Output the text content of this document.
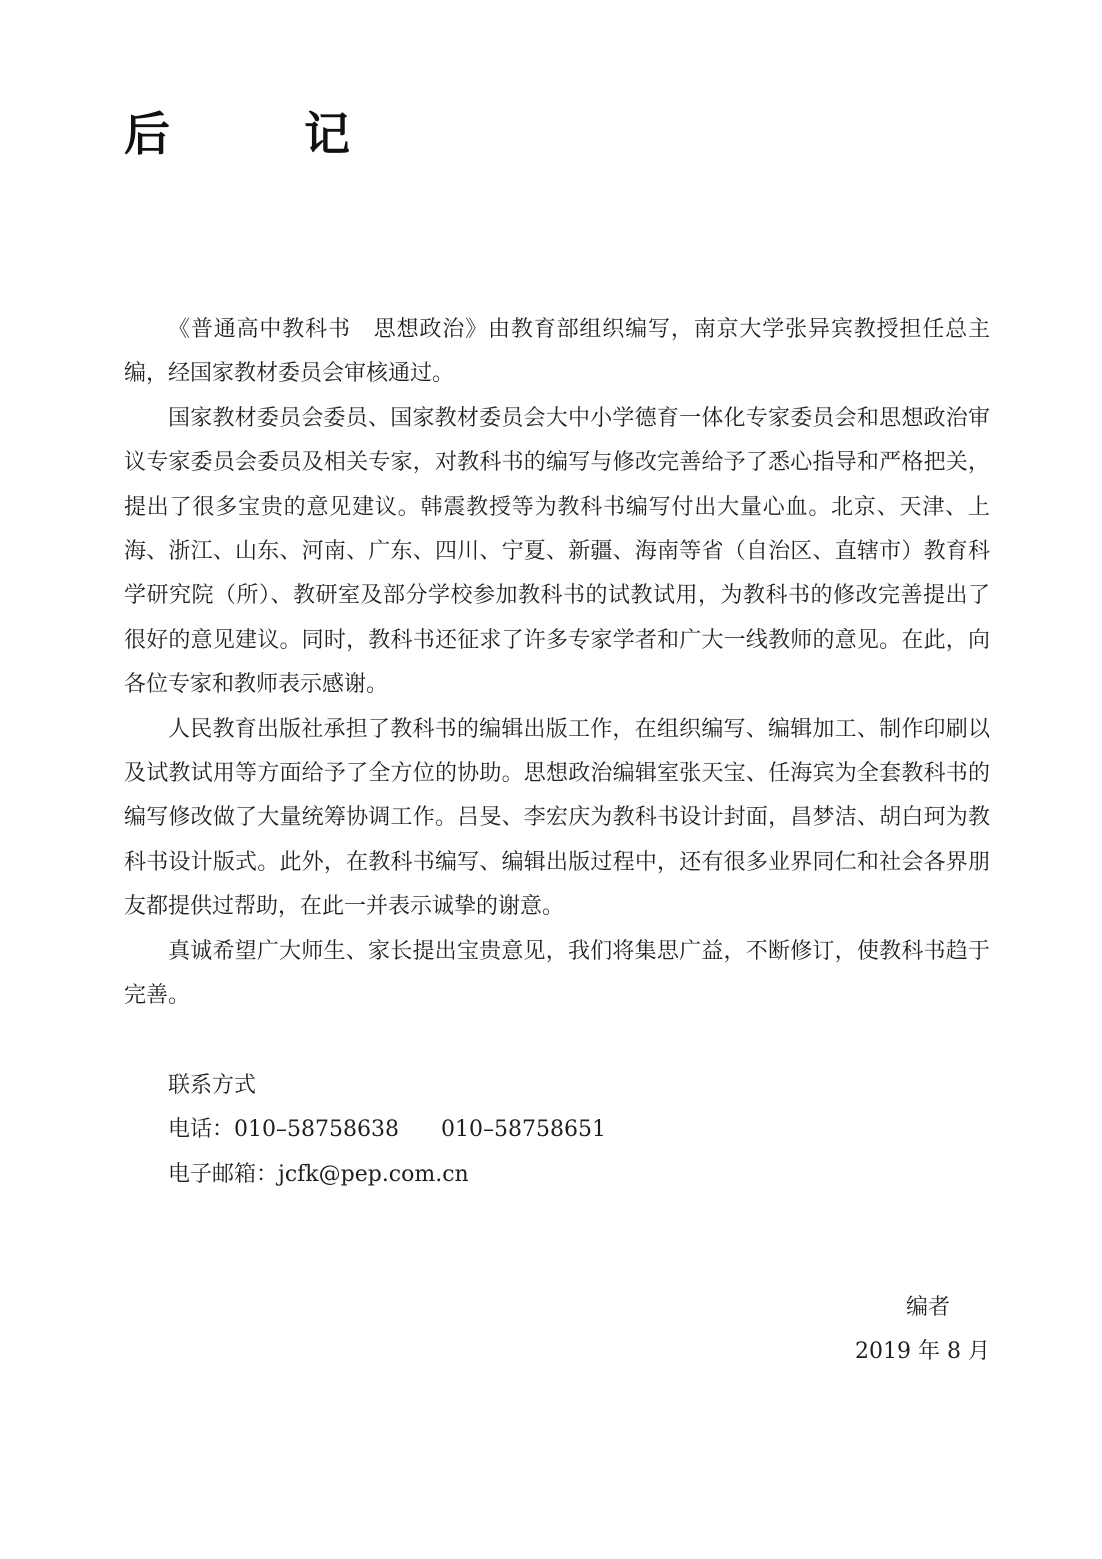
后　记

《普通高中教科书　思想政治》由教育部组织编写，南京大学张异宾教授担任总主编，经国家教材委员会审核通过。

国家教材委员会委员、国家教材委员会大中小学德育一体化专家委员会和思想政治审议专家委员会委员及相关专家，对教科书的编写与修改完善给予了悉心指导和严格把关，提出了很多宝贵的意见建议。韩震教授等为教科书编写付出大量心血。北京、天津、上海、浙江、山东、河南、广东、四川、宁夏、新疆、海南等省（自治区、直辖市）教育科学研究院（所）、教研室及部分学校参加教科书的试教试用，为教科书的修改完善提出了很好的意见建议。同时，教科书还征求了许多专家学者和广大一线教师的意见。在此，向各位专家和教师表示感谢。

人民教育出版社承担了教科书的编辑出版工作，在组织编写、编辑加工、制作印刷以及试教试用等方面给予了全方位的协助。思想政治编辑室张天宝、任海宾为全套教科书的编写修改做了大量统筹协调工作。吕旻、李宏庆为教科书设计封面，昌梦洁、胡白珂为教科书设计版式。此外，在教科书编写、编辑出版过程中，还有很多业界同仁和社会各界朋友都提供过帮助，在此一并表示诚挚的谢意。

真诚希望广大师生、家长提出宝贵意见，我们将集思广益，不断修订，使教科书趋于完善。

联系方式
电话：010–58758638 010–58758651
电子邮箱：jcfk@pep.com.cn
编者
2019 年 8 月
